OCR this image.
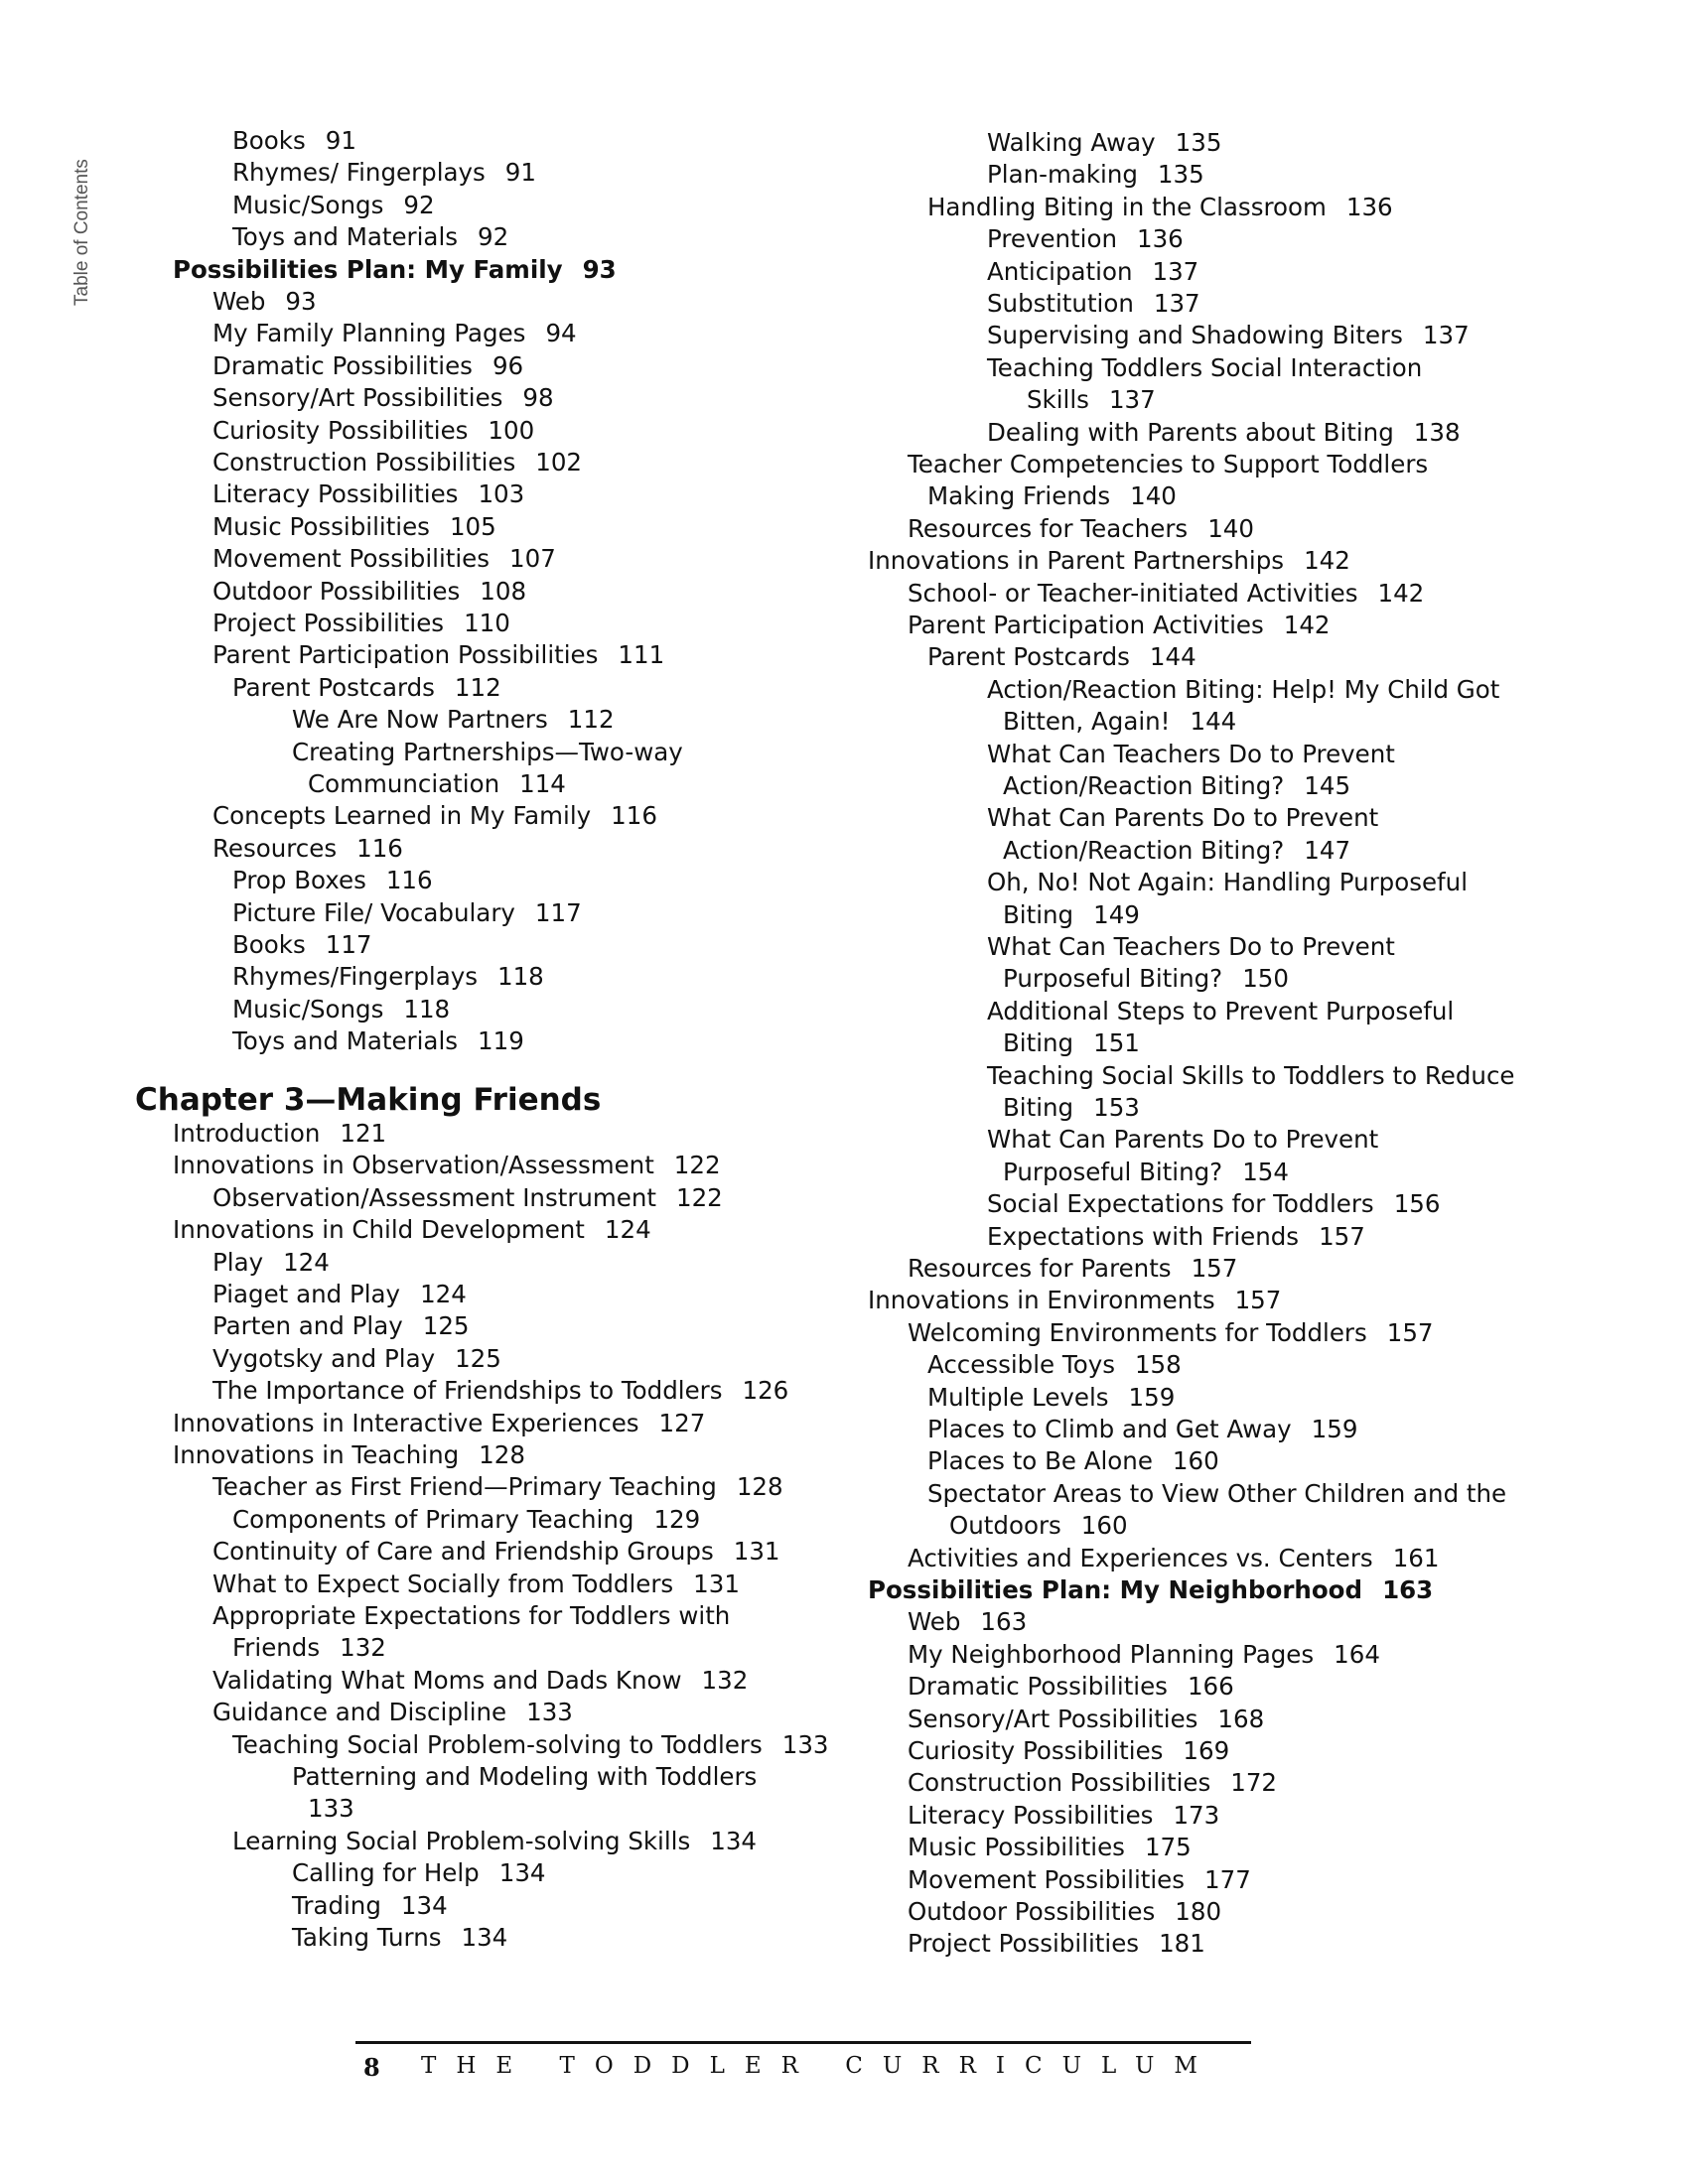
Table of Contents
Books 91
Rhymes/ Fingerplays 91
Music/Songs 92
Toys and Materials 92
Possibilities Plan: My Family 93
Web 93
My Family Planning Pages 94
Dramatic Possibilities 96
Sensory/Art Possibilities 98
Curiosity Possibilities 100
Construction Possibilities 102
Literacy Possibilities 103
Music Possibilities 105
Movement Possibilities 107
Outdoor Possibilities 108
Project Possibilities 110
Parent Participation Possibilities 111
Parent Postcards 112
We Are Now Partners 112
Creating Partnerships—Two-way
Communciation 114
Concepts Learned in My Family 116
Resources 116
Prop Boxes 116
Picture File/ Vocabulary 117
Books 117
Rhymes/Fingerplays 118
Music/Songs 118
Toys and Materials 119
Chapter 3—Making Friends
Introduction 121
Innovations in Observation/Assessment 122
Observation/Assessment Instrument 122
Innovations in Child Development 124
Play 124
Piaget and Play 124
Parten and Play 125
Vygotsky and Play 125
The Importance of Friendships to Toddlers 126
Innovations in Interactive Experiences 127
Innovations in Teaching 128
Teacher as First Friend—Primary Teaching 128
Components of Primary Teaching 129
Continuity of Care and Friendship Groups 131
What to Expect Socially from Toddlers 131
Appropriate Expectations for Toddlers with
Friends 132
Validating What Moms and Dads Know 132
Guidance and Discipline 133
Teaching Social Problem-solving to Toddlers 133
Patterning and Modeling with Toddlers
133
Learning Social Problem-solving Skills 134
Calling for Help 134
Trading 134
Taking Turns 134
Walking Away 135
Plan-making 135
Handling Biting in the Classroom 136
Prevention 136
Anticipation 137
Substitution 137
Supervising and Shadowing Biters 137
Teaching Toddlers Social Interaction
Skills 137
Dealing with Parents about Biting 138
Teacher Competencies to Support Toddlers
Making Friends 140
Resources for Teachers 140
Innovations in Parent Partnerships 142
School- or Teacher-initiated Activities 142
Parent Participation Activities 142
Parent Postcards 144
Action/Reaction Biting: Help! My Child Got
Bitten, Again! 144
What Can Teachers Do to Prevent
Action/Reaction Biting? 145
What Can Parents Do to Prevent
Action/Reaction Biting? 147
Oh, No! Not Again: Handling Purposeful
Biting 149
What Can Teachers Do to Prevent
Purposeful Biting? 150
Additional Steps to Prevent Purposeful
Biting 151
Teaching Social Skills to Toddlers to Reduce
Biting 153
What Can Parents Do to Prevent
Purposeful Biting? 154
Social Expectations for Toddlers 156
Expectations with Friends 157
Resources for Parents 157
Innovations in Environments 157
Welcoming Environments for Toddlers 157
Accessible Toys 158
Multiple Levels 159
Places to Climb and Get Away 159
Places to Be Alone 160
Spectator Areas to View Other Children and the
Outdoors 160
Activities and Experiences vs. Centers 161
Possibilities Plan: My Neighborhood 163
Web 163
My Neighborhood Planning Pages 164
Dramatic Possibilities 166
Sensory/Art Possibilities 168
Curiosity Possibilities 169
Construction Possibilities 172
Literacy Possibilities 173
Music Possibilities 175
Movement Possibilities 177
Outdoor Possibilities 180
Project Possibilities 181
8 THE TODDLER CURRICULUM
